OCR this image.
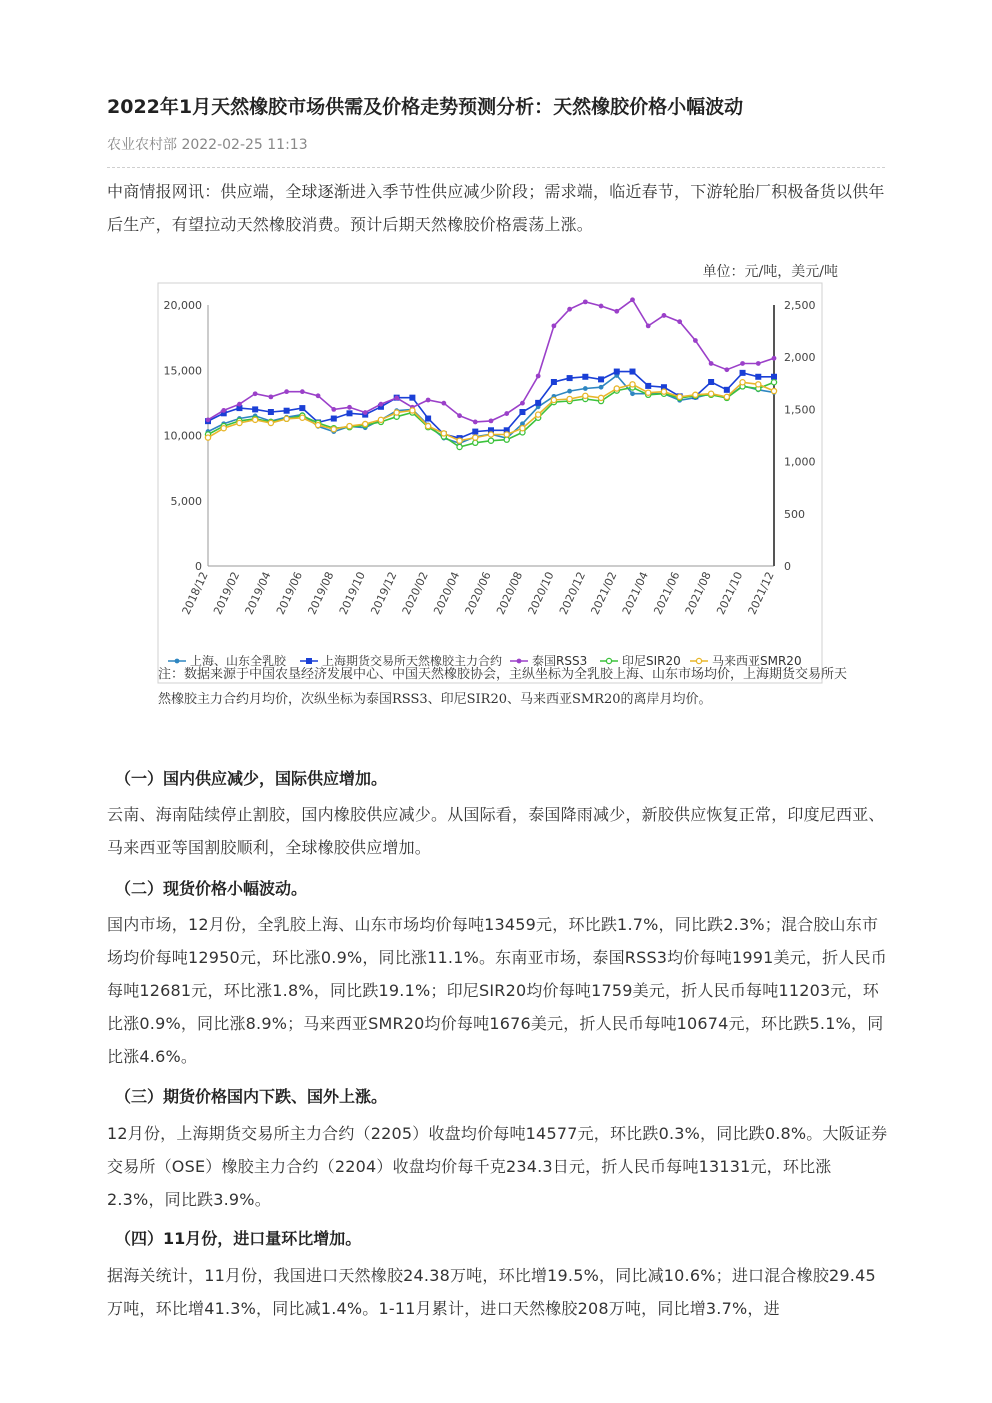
2022年1月天然橡胶市场供需及价格走势预测分析：天然橡胶价格小幅波动
农业农村部 2022-02-25 11:13

中商情报网讯：供应端，全球逐渐进入季节性供应减少阶段；需求端，临近春节，下游轮胎厂积极备货以供年后生产，有望拉动天然橡胶消费。预计后期天然橡胶价格震荡上涨。

单位：元/吨，美元/吨
0
5,000
10,000
15,000
20,000
0
500
1,000
1,500
2,000
2,500
2018/12 2019/02 2019/04 2019/06 2019/08 2019/10 2019/12 2020/02 2020/04 2020/06 2020/08 2020/10 2020/12 2021/02 2021/04 2021/06 2021/08 2021/10 2021/12
上海、山东全乳胶	上海期货交易所天然橡胶主力合约 泰国RSS3	印尼SIR20	马来西亚SMR20
注：数据来源于中国农垦经济发展中心、中国天然橡胶协会，主纵坐标为全乳胶上海、山东市场均价，上海期货交易所天然橡胶主力合约月均价，次纵坐标为泰国RSS3、印尼SIR20、马来西亚SMR20的离岸月均价。
（一）国内供应减少，国际供应增加。

云南、海南陆续停止割胶，国内橡胶供应减少。从国际看，泰国降雨减少，新胶供应恢复正常，印度尼西亚、马来西亚等国割胶顺利，全球橡胶供应增加。

（二）现货价格小幅波动。

国内市场，12月份，全乳胶上海、山东市场均价每吨13459元，环比跌1.7%，同比跌2.3%；混合胶山东市场均价每吨12950元，环比涨0.9%，同比涨11.1%。东南亚市场，泰国RSS3均价每吨1991美元，折人民币每吨12681元，环比涨1.8%，同比跌19.1%；印尼SIR20均价每吨1759美元，折人民币每吨11203元，环比涨0.9%，同比涨8.9%；马来西亚SMR20均价每吨1676美元，折人民币每吨10674元，环比跌5.1%，同比涨4.6%。

（三）期货价格国内下跌、国外上涨。

12月份，上海期货交易所主力合约（2205）收盘均价每吨14577元，环比跌0.3%，同比跌0.8%。大阪证券交易所（OSE）橡胶主力合约（2204）收盘均价每千克234.3日元，折人民币每吨13131元，环比涨2.3%，同比跌3.9%。

（四）11月份，进口量环比增加。

据海关统计，11月份，我国进口天然橡胶24.38万吨，环比增19.5%，同比减10.6%；进口混合橡胶29.45万吨，环比增41.3%，同比减1.4%。1-11月累计，进口天然橡胶208万吨，同比增3.7%，进
